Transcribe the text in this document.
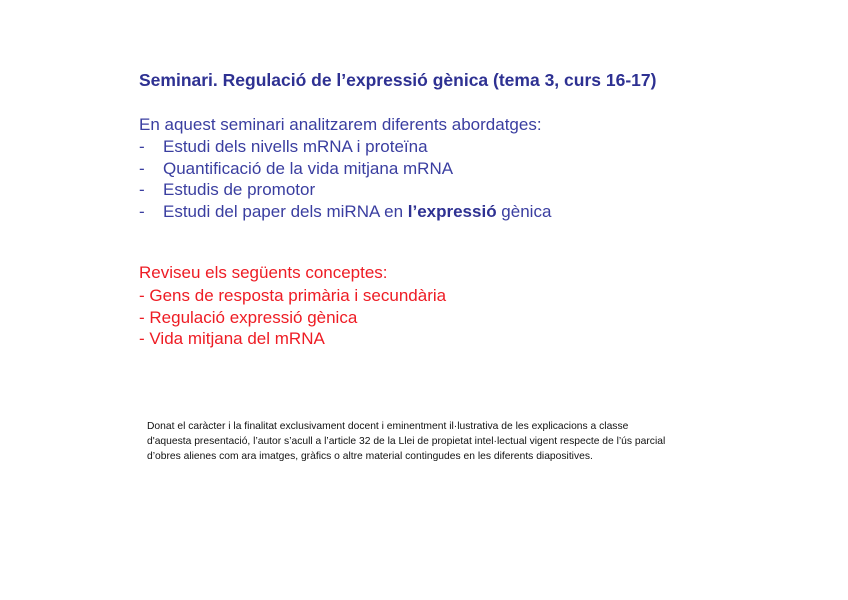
Seminari. Regulació de l’expressió gènica (tema 3, curs 16-17)
En aquest seminari analitzarem diferents abordatges:
- Estudi dels nivells mRNA i proteïna
- Quantificació de la vida mitjana mRNA
- Estudis de promotor
- Estudi del paper dels miRNA en l’expressió gènica
Reviseu els següents conceptes:
- Gens de resposta primària i secundària
- Regulació expressió gènica
- Vida mitjana del mRNA
Donat el caràcter i la finalitat exclusivament docent i eminentment il·lustrativa de les explicacions a classe
d'aquesta presentació, l’autor s’acull a l’article 32 de la Llei de propietat intel·lectual vigent respecte de l’ús parcial
d’obres alienes com ara imatges, gràfics o altre material contingudes en les diferents diapositives.
